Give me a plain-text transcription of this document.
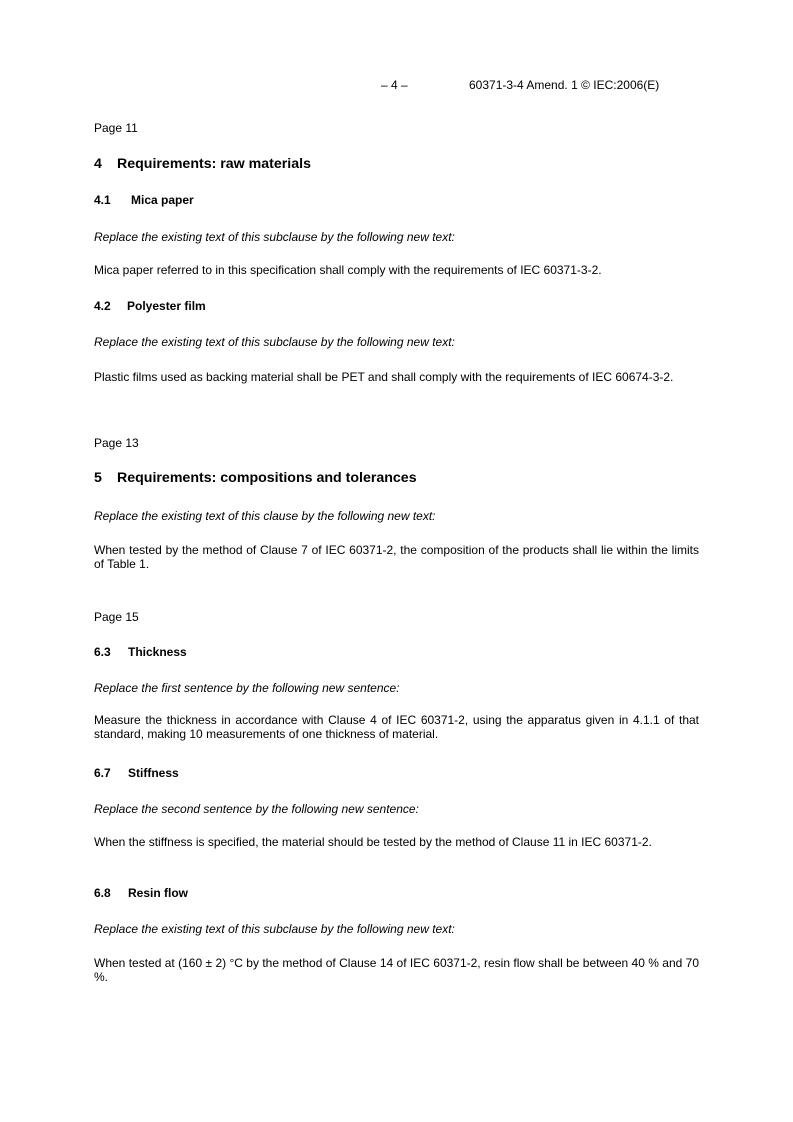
– 4 –	60371-3-4 Amend. 1 © IEC:2006(E)
Page 11
4 Requirements: raw materials
4.1 Mica paper
Replace the existing text of this subclause by the following new text:
Mica paper referred to in this specification shall comply with the requirements of IEC 60371-3-2.
4.2 Polyester film
Replace the existing text of this subclause by the following new text:
Plastic films used as backing material shall be PET and shall comply with the requirements of IEC 60674-3-2.
Page 13
5 Requirements: compositions and tolerances
Replace the existing text of this clause by the following new text:
When tested by the method of Clause 7 of IEC 60371-2, the composition of the products shall lie within the limits of Table 1.
Page 15
6.3 Thickness
Replace the first sentence by the following new sentence:
Measure the thickness in accordance with Clause 4 of IEC 60371-2, using the apparatus given in 4.1.1 of that standard, making 10 measurements of one thickness of material.
6.7 Stiffness
Replace the second sentence by the following new sentence:
When the stiffness is specified, the material should be tested by the method of Clause 11 in IEC 60371-2.
6.8 Resin flow
Replace the existing text of this subclause by the following new text:
When tested at (160 ± 2) °C by the method of Clause 14 of IEC 60371-2, resin flow shall be between 40 % and 70 %.
